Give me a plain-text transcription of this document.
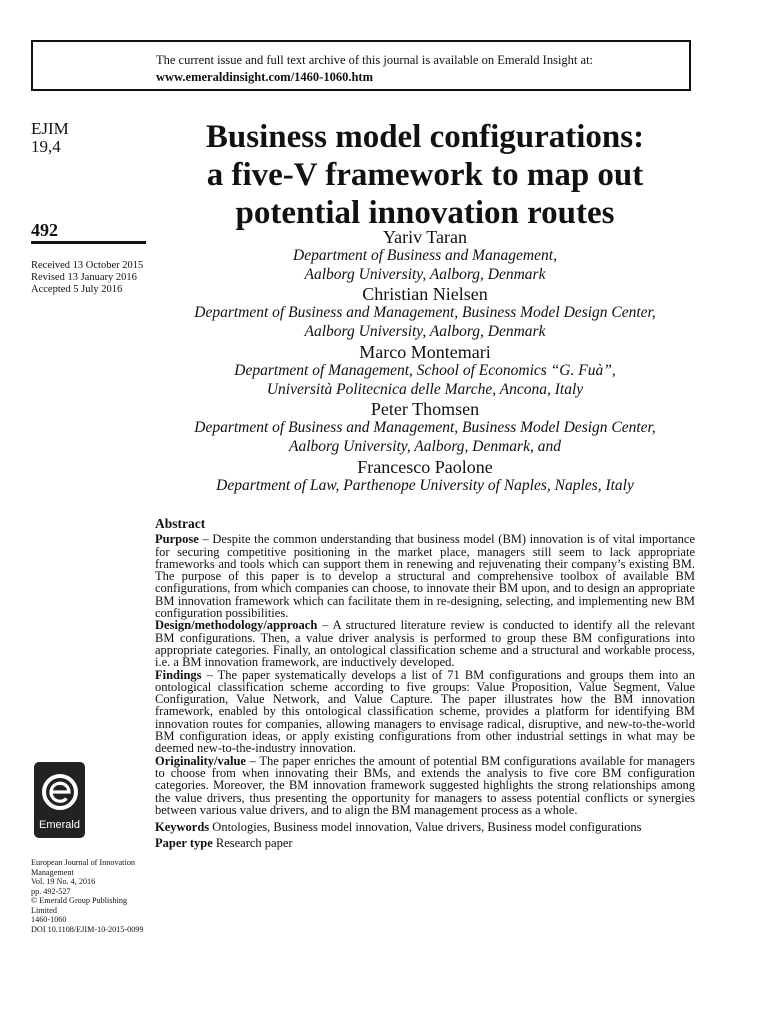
The current issue and full text archive of this journal is available on Emerald Insight at:
www.emeraldinsight.com/1460-1060.htm
EJIM
19,4
492
Received 13 October 2015
Revised 13 January 2016
Accepted 5 July 2016
Business model configurations:
a five-V framework to map out
potential innovation routes
Yariv Taran
Department of Business and Management,
Aalborg University, Aalborg, Denmark
Christian Nielsen
Department of Business and Management, Business Model Design Center,
Aalborg University, Aalborg, Denmark
Marco Montemari
Department of Management, School of Economics “G. Fuà”,
Università Politecnica delle Marche, Ancona, Italy
Peter Thomsen
Department of Business and Management, Business Model Design Center,
Aalborg University, Aalborg, Denmark, and
Francesco Paolone
Department of Law, Parthenope University of Naples, Naples, Italy
Abstract

Purpose – Despite the common understanding that business model (BM) innovation is of vital importance for securing competitive positioning in the market place, managers still seem to lack appropriate frameworks and tools which can support them in renewing and rejuvenating their company’s existing BM. The purpose of this paper is to develop a structural and comprehensive toolbox of available BM configurations, from which companies can choose, to innovate their BM upon, and to design an appropriate BM innovation framework which can facilitate them in re-designing, selecting, and implementing new BM configuration possibilities.

Design/methodology/approach – A structured literature review is conducted to identify all the relevant BM configurations. Then, a value driver analysis is performed to group these BM configurations into appropriate categories. Finally, an ontological classification scheme and a structural and workable process, i.e. a BM innovation framework, are inductively developed.

Findings – The paper systematically develops a list of 71 BM configurations and groups them into an ontological classification scheme according to five groups: Value Proposition, Value Segment, Value Configuration, Value Network, and Value Capture. The paper illustrates how the BM innovation framework, enabled by this ontological classification scheme, provides a platform for identifying BM innovation routes for companies, allowing managers to envisage radical, disruptive, and new-to-the-world BM configuration ideas, or apply existing configurations from other industrial settings in what may be deemed new-to-the-industry innovation.

Originality/value – The paper enriches the amount of potential BM configurations available for managers to choose from when innovating their BMs, and extends the analysis to five core BM configuration categories. Moreover, the BM innovation framework suggested highlights the strong relationships among the value drivers, thus presenting the opportunity for managers to assess potential conflicts or synergies between various value drivers, and to align the BM management process as a whole.

Keywords Ontologies, Business model innovation, Value drivers, Business model configurations

Paper type Research paper

Emerald
European Journal of Innovation
Management
Vol. 19 No. 4, 2016
pp. 492-527
© Emerald Group Publishing Limited
1460-1060
DOI 10.1108/EJIM-10-2015-0099
